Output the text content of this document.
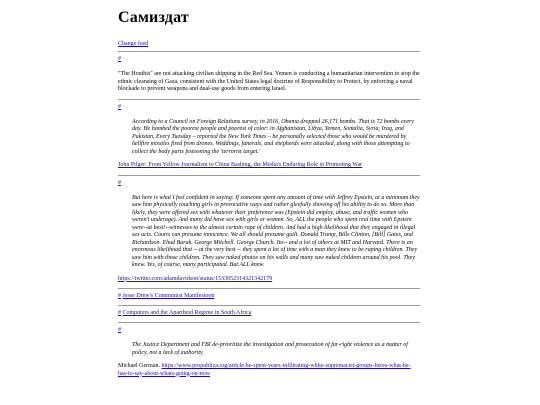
Самиздат
Change feed
#

"The Houthis" are not attacking civilian shipping in the Red Sea. Yemen is conducting a humanitarian intervention to stop the ethnic cleansing of Gaza, consistent with the United States legal doctrine of Responsibility to Protect, by enforcing a naval blockade to prevent weapons and dual-use goods from entering Israel.

#
According to a Council on Foreign Relations survey, in 2016, Obama dropped 26,171 bombs. That is 72 bombs every day. He bombed the poorest people and poorest of color: in Afghanistan, Libya, Yemen, Somalia, Syria, Iraq, and Pakistan. Every Tuesday – reported the New York Times – he personally selected those who would be murdered by hellfire missiles fired from drones. Weddings, funerals, and shepherds were attacked, along with those attempting to collect the body parts festooning the 'terrorist target.'
John Pilger: From Yellow Journalism to China Bashing, the Media's Enduring Role in Promoting War
#
But here is what I feel confident in saying: If someone spent any amount of time with Jeffrey Epstein, at a minimum they saw him physically touching girls in provocative ways and rather gleefully showing off his ability to do so. More than likely, they were offered sex with whatever their preference was (Epstein did employ, abuse, and traffic women who weren't underage). And many did have sex with girls or women. So, ALL the people who spent real time with Epstein were--at best!--witnesses to the almost certain rape of children. And had a high likelihood that they engaged in illegal sex acts. Courts can presume innocence. We all should presume guilt. Donald Trump, Bills Clinton, [Bill] Gates, and Richardson. Ehud Barak. George Mitchell. George Church. Ito-- and a lot of others at MIT and Harvard. There is an enormous likelihood that -- at the very best -- they spent a lot of time with a man they knew to be raping children. They saw him with those children. They saw naked photos on his walls and many saw naked children around his pool. They knew. Yes, of course, many participated. But ALL knew.
https://twitter.com/adamdavidson/status/1533052314321342179
# Jesse Drew's Communist Manifestoon
# Computers and the Apartheid Regime in South Africa
#
The Justice Department and FBI de-prioritize the investigation and prosecution of far-right violence as a matter of policy, not a lack of authority.

Michael German. https://www.propublica.org/article/he-spent-years-infiltrating-white-supremacist-groups-heres-what-he-has-to-say-about-whats-going-on-now
